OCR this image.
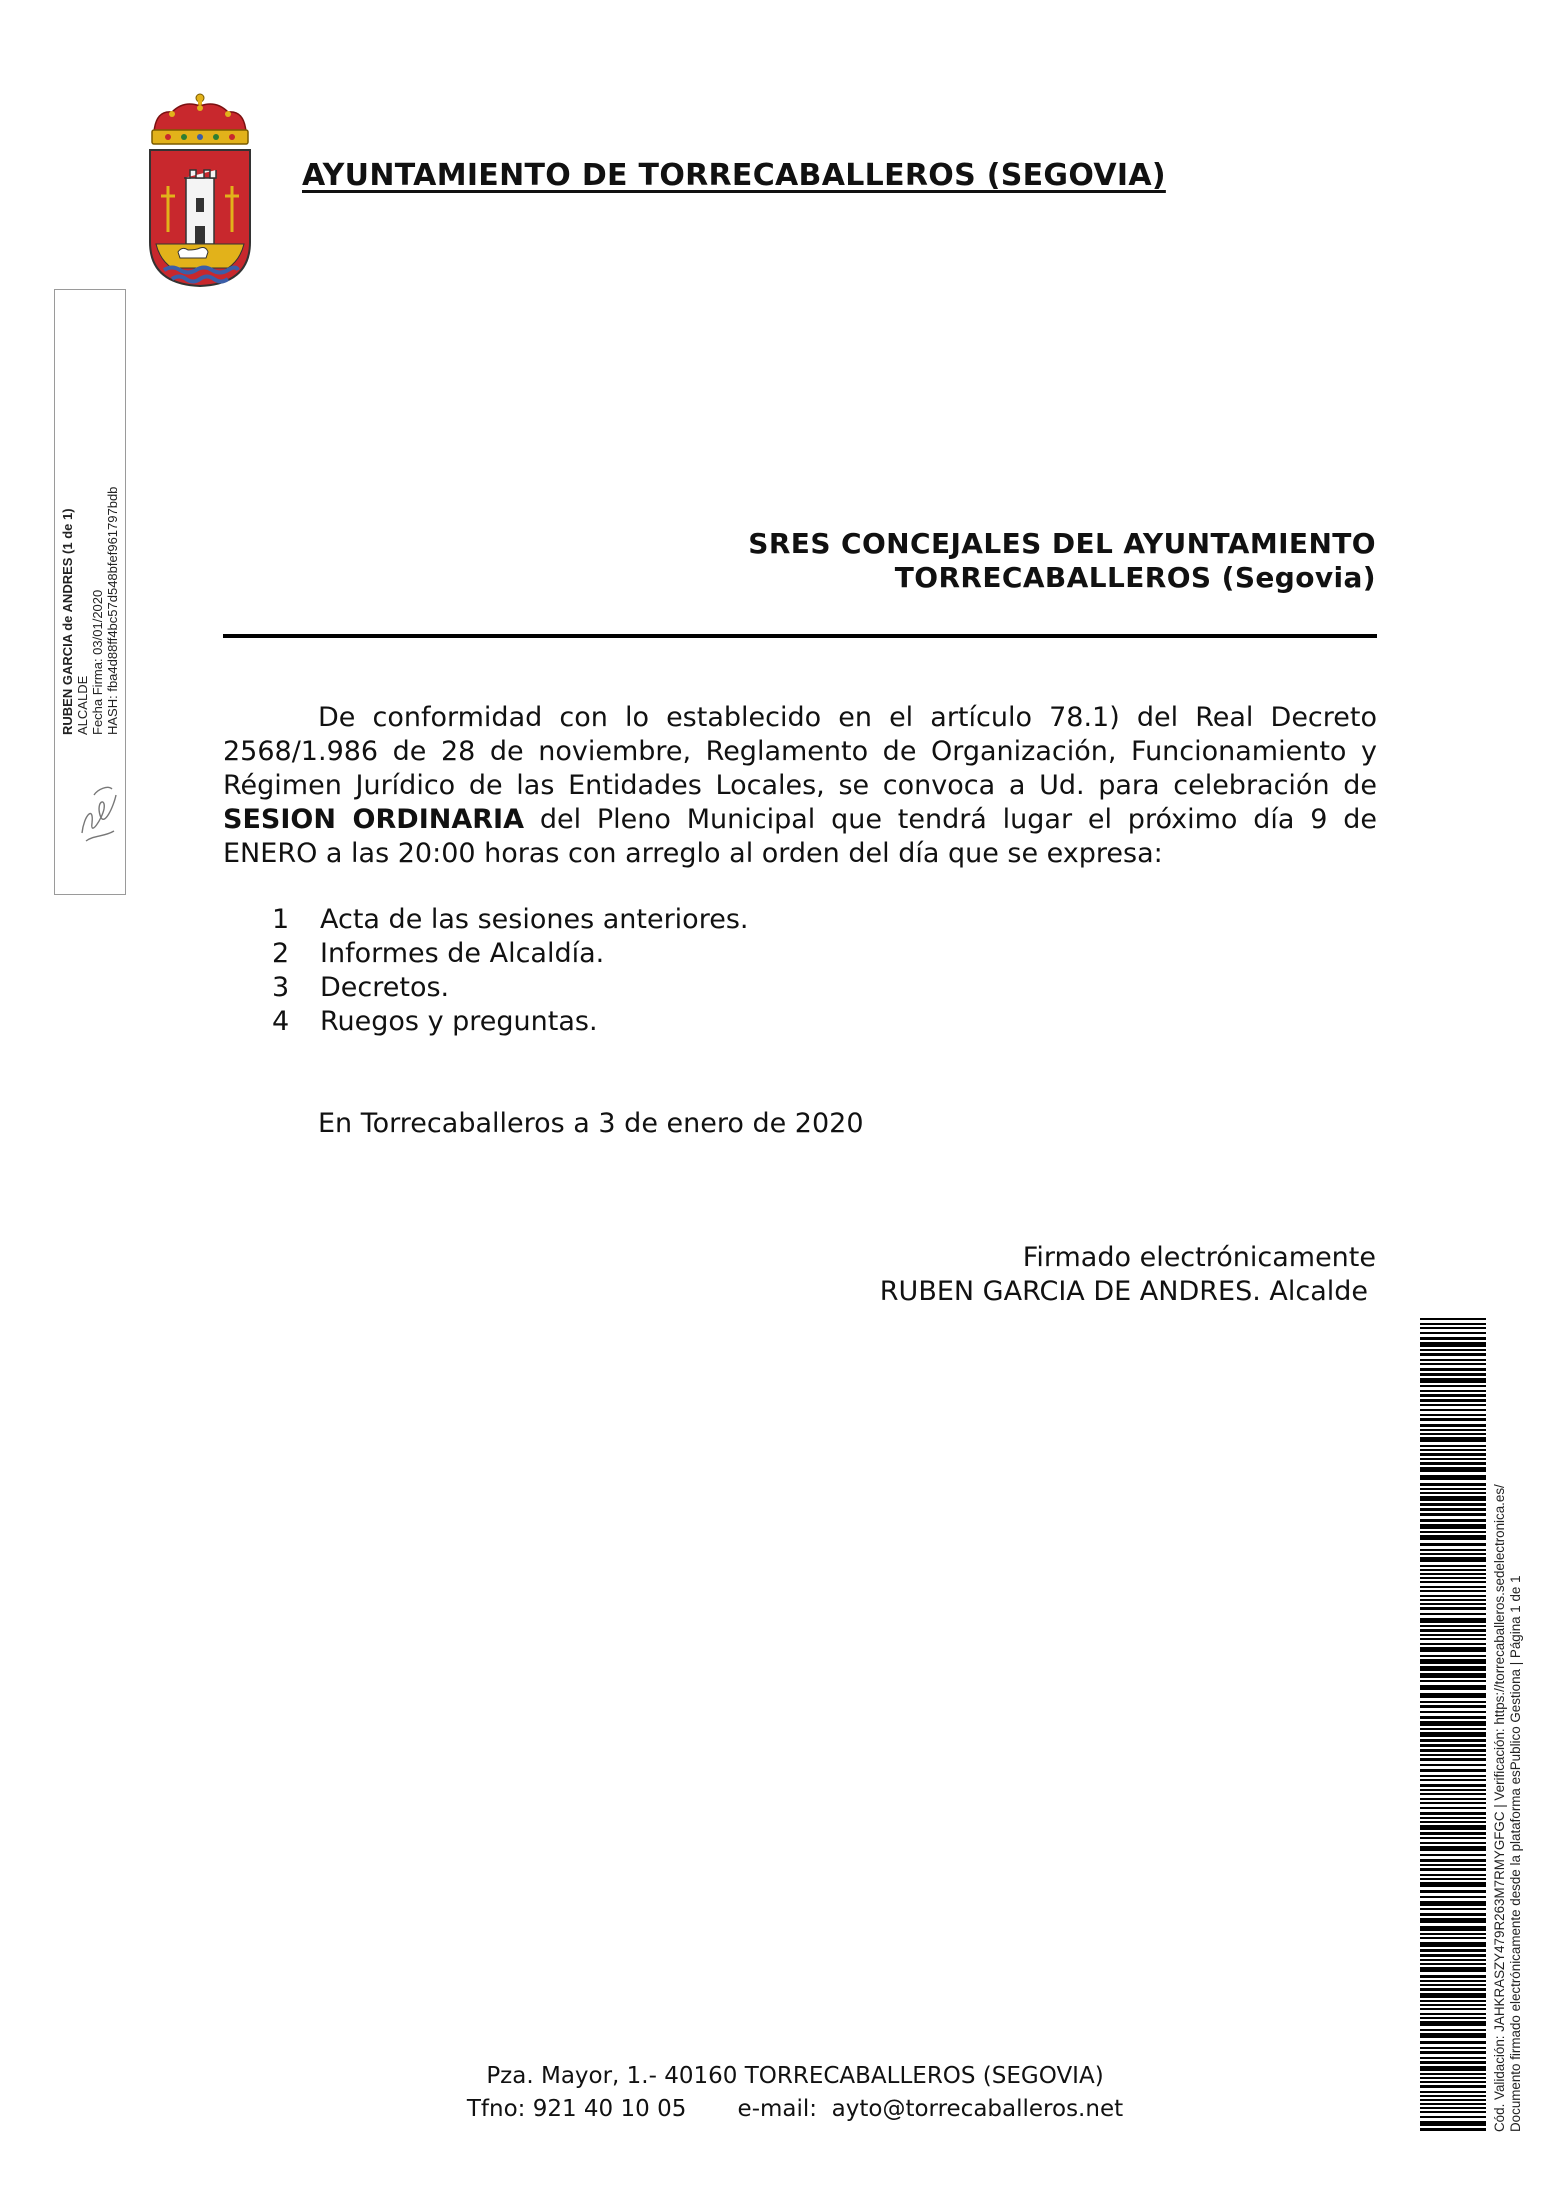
AYUNTAMIENTO DE TORRECABALLEROS (SEGOVIA)
RUBEN GARCIA de ANDRES (1 de 1) ALCALDE Fecha Firma: 03/01/2020 HASH: fba4d88ff4bc57d548bfef961797bdb	SRES CONCEJALES DEL AYUNTAMIENTO
TORRECABALLEROS (Segovia)
De conformidad con lo establecido en el artículo 78.1) del Real Decreto 2568/1.986 de 28 de noviembre, Reglamento de Organización, Funcionamiento y Régimen Jurídico de las Entidades Locales, se convoca a Ud. para celebración de SESION ORDINARIA del Pleno Municipal que tendrá lugar el próximo día 9 de ENERO a las 20:00 horas con arreglo al orden del día que se expresa:
1	Acta de las sesiones anteriores.
2	Informes de Alcaldía.
3	Decretos.
4	Ruegos y preguntas.
En Torrecaballeros a 3 de enero de 2020
Firmado electrónicamente
RUBEN GARCIA DE ANDRES. Alcalde
Cód. Validación: JAHKRASZY479R263M7RMYGFGC | Verificación: https://torrecaballeros.sedelectronica.es/ Documento firmado electrónicamente desde la plataforma esPublico Gestiona | Página 1 de 1
Pza. Mayor, 1.- 40160 TORRECABALLEROS (SEGOVIA)
Tfno: 921 40 10 05 e-mail:  ayto@torrecaballeros.net
